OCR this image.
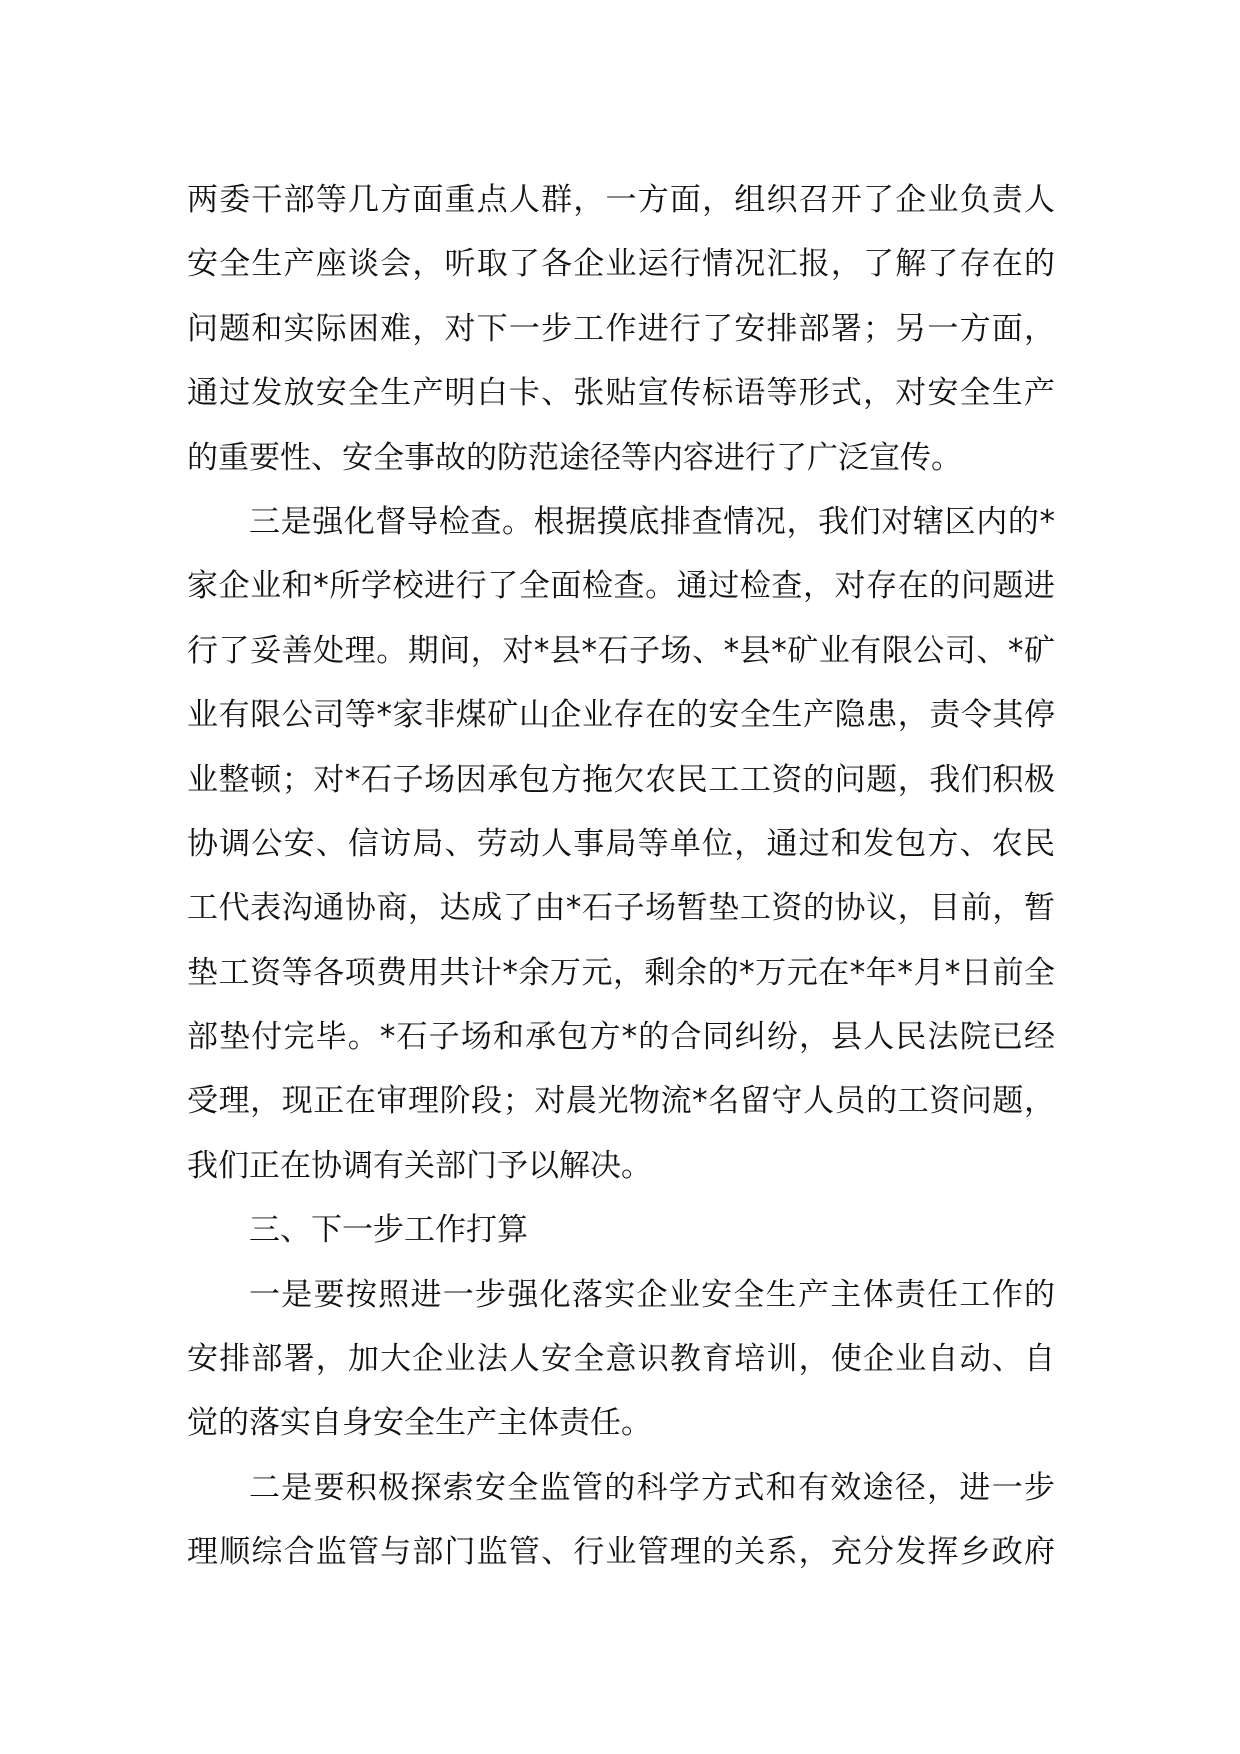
两委干部等几方面重点人群，一方面，组织召开了企业负责人
安全生产座谈会，听取了各企业运行情况汇报，了解了存在的
问题和实际困难，对下一步工作进行了安排部署；另一方面，
通过发放安全生产明白卡、张贴宣传标语等形式，对安全生产
的重要性、安全事故的防范途径等内容进行了广泛宣传。
三是强化督导检查。根据摸底排查情况，我们对辖区内的*
家企业和*所学校进行了全面检查。通过检查，对存在的问题进
行了妥善处理。期间，对*县*石子场、*县*矿业有限公司、*矿
业有限公司等*家非煤矿山企业存在的安全生产隐患，责令其停
业整顿；对*石子场因承包方拖欠农民工工资的问题，我们积极
协调公安、信访局、劳动人事局等单位，通过和发包方、农民
工代表沟通协商，达成了由*石子场暂垫工资的协议，目前，暂
垫工资等各项费用共计*余万元，剩余的*万元在*年*月*日前全
部垫付完毕。*石子场和承包方*的合同纠纷，县人民法院已经
受理，现正在审理阶段；对晨光物流*名留守人员的工资问题，
我们正在协调有关部门予以解决。
三、下一步工作打算
一是要按照进一步强化落实企业安全生产主体责任工作的
安排部署，加大企业法人安全意识教育培训，使企业自动、自
觉的落实自身安全生产主体责任。
二是要积极探索安全监管的科学方式和有效途径，进一步
理顺综合监管与部门监管、行业管理的关系，充分发挥乡政府
